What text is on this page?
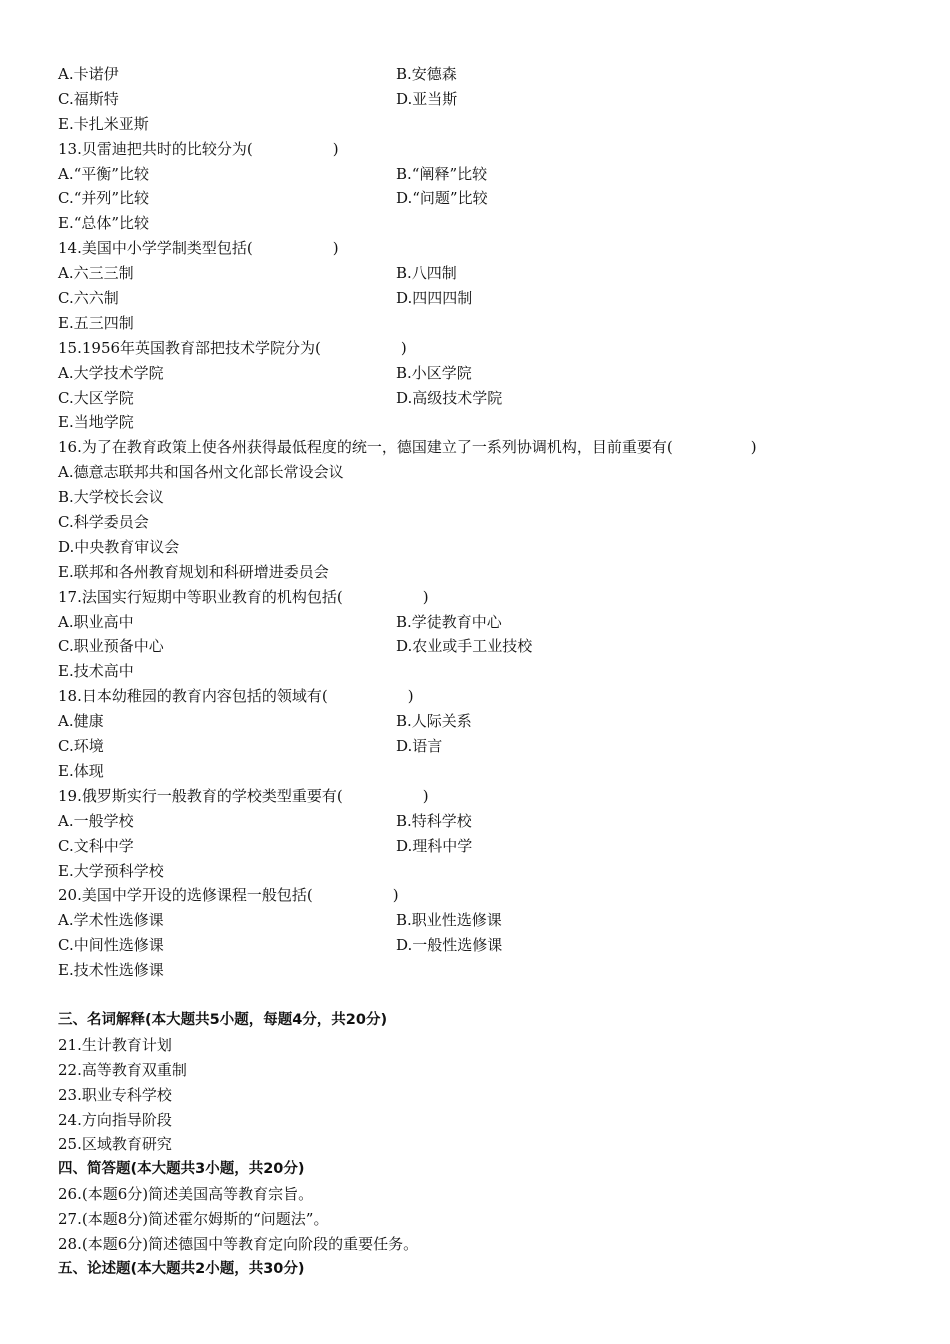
A.卡诺伊	B.安德森
C.福斯特	D.亚当斯
E.卡扎米亚斯
13.贝雷迪把共时的比较分为(	)
A.“平衡”比较	B.“阐释”比较
C.“并列”比较	D.“问题”比较
E.“总体”比较
14.美国中小学学制类型包括(	)
A.六三三制	B.八四制
C.六六制	D.四四四制
E.五三四制
15.1956年英国教育部把技术学院分为(	)
A.大学技术学院	B.小区学院
C.大区学院	D.高级技术学院
E.当地学院
16.为了在教育政策上使各州获得最低程度的统一，德国建立了一系列协调机构，目前重要有(	)
A.德意志联邦共和国各州文化部长常设会议
B.大学校长会议
C.科学委员会
D.中央教育审议会
E.联邦和各州教育规划和科研增进委员会
17.法国实行短期中等职业教育的机构包括(	)
A.职业高中	B.学徒教育中心
C.职业预备中心	D.农业或手工业技校
E.技术高中
18.日本幼稚园的教育内容包括的领域有(	)
A.健康	B.人际关系
C.环境	D.语言
E.体现
19.俄罗斯实行一般教育的学校类型重要有(	)
A.一般学校	B.特科学校
C.文科中学	D.理科中学
E.大学预科学校
20.美国中学开设的选修课程一般包括(	)
A.学术性选修课	B.职业性选修课
C.中间性选修课	D.一般性选修课
E.技术性选修课
三、名词解释(本大题共5小题，每题4分，共20分)
21.生计教育计划
22.高等教育双重制
23.职业专科学校
24.方向指导阶段
25.区域教育研究
四、简答题(本大题共3小题，共20分)
26.(本题6分)简述美国高等教育宗旨。
27.(本题8分)简述霍尔姆斯的“问题法”。
28.(本题6分)简述德国中等教育定向阶段的重要任务。
五、论述题(本大题共2小题，共30分)
